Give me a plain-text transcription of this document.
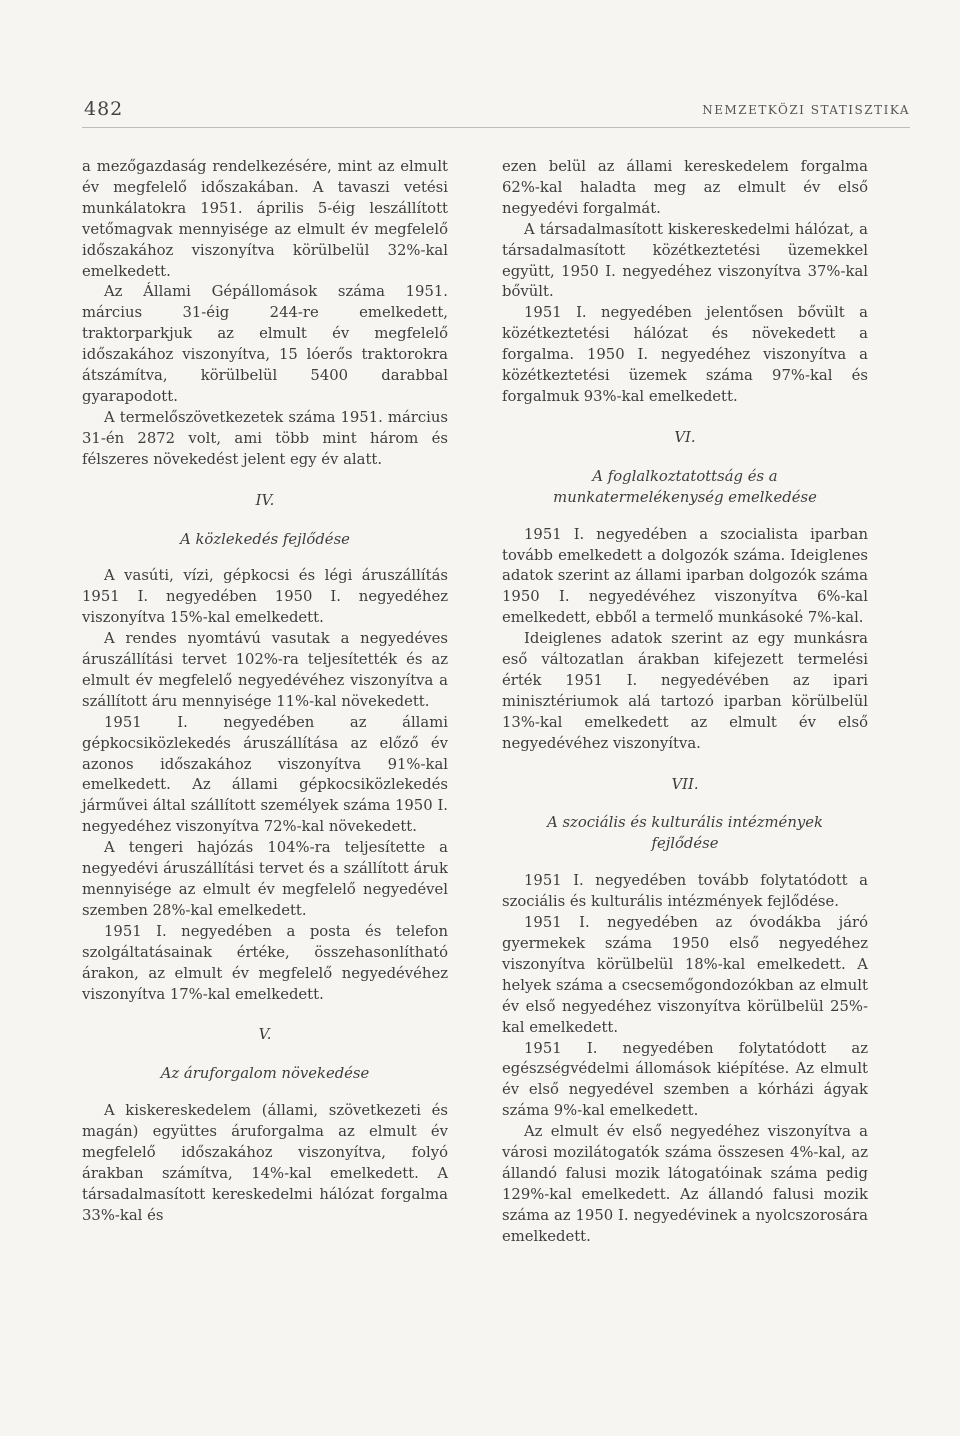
482	NEMZETKÖZI STATISZTIKA

a mezőgazdaság rendelkezésére, mint az elmult év megfelelő időszakában. A tavaszi vetési munkálatokra 1951. április 5-éig leszállított vetőmagvak mennyisége az elmult év megfelelő időszakához viszonyítva körülbelül 32%-kal emelkedett.

Az Állami Gépállomások száma 1951. március 31-éig 244-re emelkedett, traktorparkjuk az elmult év megfelelő időszakához viszonyítva, 15 lóerős traktorokra átszámítva, körülbelül 5400 darabbal gyarapodott.

A termelőszövetkezetek száma 1951. március 31-én 2872 volt, ami több mint három és félszeres növekedést jelent egy év alatt.

IV.
A közlekedés fejlődése

A vasúti, vízi, gépkocsi és légi áruszállítás 1951 I. negyedében 1950 I. negyedéhez viszonyítva 15%-kal emelkedett.

A rendes nyomtávú vasutak a negyedéves áruszállítási tervet 102%-ra teljesítették és az elmult év megfelelő negyedévéhez viszonyítva a szállított áru mennyisége 11%-kal növekedett.

1951 I. negyedében az állami gépkocsiközlekedés áruszállítása az előző év azonos időszakához viszonyítva 91%-kal emelkedett. Az állami gépkocsiközlekedés járművei által szállított személyek száma 1950 I. negyedéhez viszonyítva 72%-kal növekedett.

A tengeri hajózás 104%-ra teljesítette a negyedévi áruszállítási tervet és a szállított áruk mennyisége az elmult év megfelelő negyedével szemben 28%-kal emelkedett.

1951 I. negyedében a posta és telefon szolgáltatásainak értéke, összehasonlítható árakon, az elmult év megfelelő negyedévéhez viszonyítva 17%-kal emelkedett.

V.
Az áruforgalom növekedése

A kiskereskedelem (állami, szövetkezeti és magán) együttes áruforgalma az elmult év megfelelő időszakához viszonyítva, folyó árakban számítva, 14%-kal emelkedett. A társadalmasított kereskedelmi hálózat forgalma 33%-kal és

ezen belül az állami kereskedelem forgalma 62%-kal haladta meg az elmult év első negyedévi forgalmát.

A társadalmasított kiskereskedelmi hálózat, a társadalmasított közétkeztetési üzemekkel együtt, 1950 I. negyedéhez viszonyítva 37%-kal bővült.

1951 I. negyedében jelentősen bővült a közétkeztetési hálózat és növekedett a forgalma. 1950 I. negyedéhez viszonyítva a közétkeztetési üzemek száma 97%-kal és forgalmuk 93%-kal emelkedett.

VI.
A foglalkoztatottság és a munkatermelékenység emelkedése

1951 I. negyedében a szocialista iparban tovább emelkedett a dolgozók száma. Ideiglenes adatok szerint az állami iparban dolgozók száma 1950 I. negyedévéhez viszonyítva 6%-kal emelkedett, ebből a termelő munkásoké 7%-kal.

Ideiglenes adatok szerint az egy munkásra eső változatlan árakban kifejezett termelési érték 1951 I. negyedévében az ipari minisztériumok alá tartozó iparban körülbelül 13%-kal emelkedett az elmult év első negyedévéhez viszonyítva.

VII.
A szociális és kulturális intézmények fejlődése

1951 I. negyedében tovább folytatódott a szociális és kulturális intézmények fejlődése.

1951 I. negyedében az óvodákba járó gyermekek száma 1950 első negyedéhez viszonyítva körülbelül 18%-kal emelkedett. A helyek száma a csecsemőgondozókban az elmult év első negyedéhez viszonyítva körülbelül 25%-kal emelkedett.

1951 I. negyedében folytatódott az egészségvédelmi állomások kiépítése. Az elmult év első negyedével szemben a kórházi ágyak száma 9%-kal emelkedett.

Az elmult év első negyedéhez viszonyítva a városi mozilátogatók száma összesen 4%-kal, az állandó falusi mozik látogatóinak száma pedig 129%-kal emelkedett. Az állandó falusi mozik száma az 1950 I. negyedévinek a nyolcszorosára emelkedett.
